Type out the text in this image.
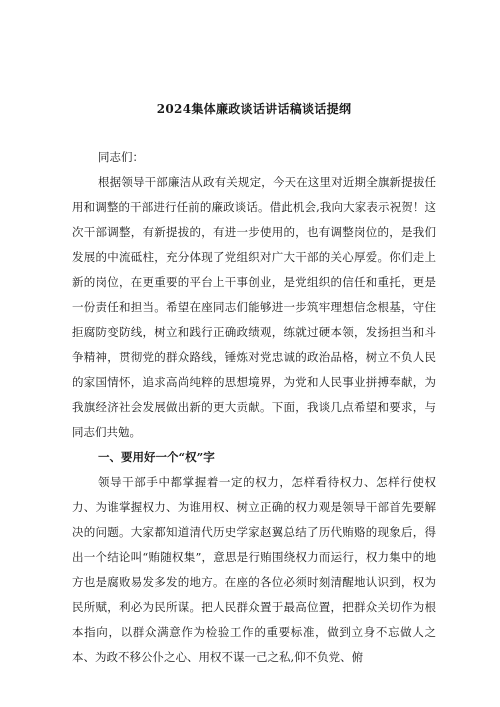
2024集体廉政谈话讲话稿谈话提纲

同志们：

根据领导干部廉洁从政有关规定，今天在这里对近期全旗新提拔任用和调整的干部进行任前的廉政谈话。借此机会,我向大家表示祝贺！这次干部调整，有新提拔的，有进一步使用的，也有调整岗位的，是我们发展的中流砥柱，充分体现了党组织对广大干部的关心厚爱。你们走上新的岗位，在更重要的平台上干事创业，是党组织的信任和重托，更是一份责任和担当。希望在座同志们能够进一步筑牢理想信念根基，守住拒腐防变防线，树立和践行正确政绩观，练就过硬本领，发扬担当和斗争精神，贯彻党的群众路线，锤炼对党忠诚的政治品格，树立不负人民的家国情怀，追求高尚纯粹的思想境界，为党和人民事业拼搏奉献，为我旗经济社会发展做出新的更大贡献。下面，我谈几点希望和要求，与同志们共勉。

一、要用好一个“权”字

领导干部手中都掌握着一定的权力，怎样看待权力、怎样行使权力、为谁掌握权力、为谁用权、树立正确的权力观是领导干部首先要解决的问题。大家都知道清代历史学家赵翼总结了历代贿赂的现象后，得出一个结论叫“贿随权集”，意思是行贿围绕权力而运行，权力集中的地方也是腐败易发多发的地方。在座的各位必须时刻清醒地认识到，权为民所赋，利必为民所谋。把人民群众置于最高位置，把群众关切作为根本指向，以群众满意作为检验工作的重要标准，做到立身不忘做人之本、为政不移公仆之心、用权不谋一己之私,仰不负党、俯
